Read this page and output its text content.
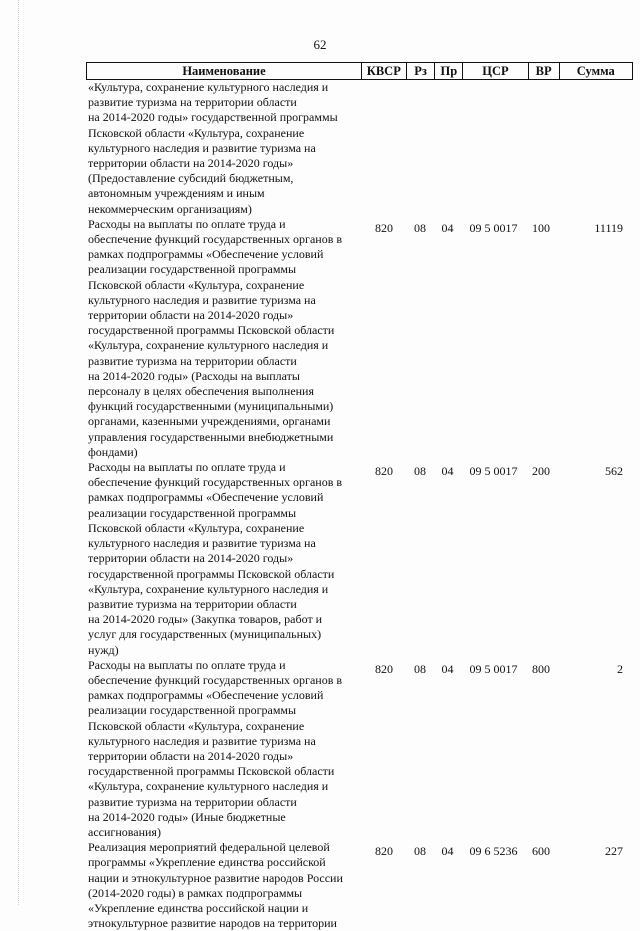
62
Наименование	КВСР	Рз	Пр	ЦСР	ВР	Сумма
«Культура, сохранение культурного наследия и
развитие туризма на территории области
на 2014-2020 годы» государственной программы
Псковской области «Культура, сохранение
культурного наследия и развитие туризма на
территории области на 2014-2020 годы»
(Предоставление субсидий бюджетным,
автономным учреждениям и иным
некоммерческим организациям)
Расходы на выплаты по оплате труда и
обеспечение функций государственных органов в
рамках подпрограммы «Обеспечение условий
реализации государственной программы
Псковской области «Культура, сохранение
культурного наследия и развитие туризма на
территории области на 2014-2020 годы»
государственной программы Псковской области
«Культура, сохранение культурного наследия и
развитие туризма на территории области
на 2014-2020 годы» (Расходы на выплаты
персоналу в целях обеспечения выполнения
функций государственными (муниципальными)
органами, казенными учреждениями, органами
управления государственными внебюджетными
фондами)
820	08	04	09 5 0017	100	11119
Расходы на выплаты по оплате труда и
обеспечение функций государственных органов в
рамках подпрограммы «Обеспечение условий
реализации государственной программы
Псковской области «Культура, сохранение
культурного наследия и развитие туризма на
территории области на 2014-2020 годы»
государственной программы Псковской области
«Культура, сохранение культурного наследия и
развитие туризма на территории области
на 2014-2020 годы» (Закупка товаров, работ и
услуг для государственных (муниципальных)
нужд)
820	08	04	09 5 0017	200	562
Расходы на выплаты по оплате труда и
обеспечение функций государственных органов в
рамках подпрограммы «Обеспечение условий
реализации государственной программы
Псковской области «Культура, сохранение
культурного наследия и развитие туризма на
территории области на 2014-2020 годы»
государственной программы Псковской области
«Культура, сохранение культурного наследия и
развитие туризма на территории области
на 2014-2020 годы» (Иные бюджетные
ассигнования)
820	08	04	09 5 0017	800	2
Реализация мероприятий федеральной целевой
программы «Укрепление единства российской
нации и этнокультурное развитие народов России
(2014-2020 годы) в рамках подпрограммы
«Укрепление единства российской нации и
этнокультурное развитие народов на территории
820	08	04	09 6 5236	600	227
